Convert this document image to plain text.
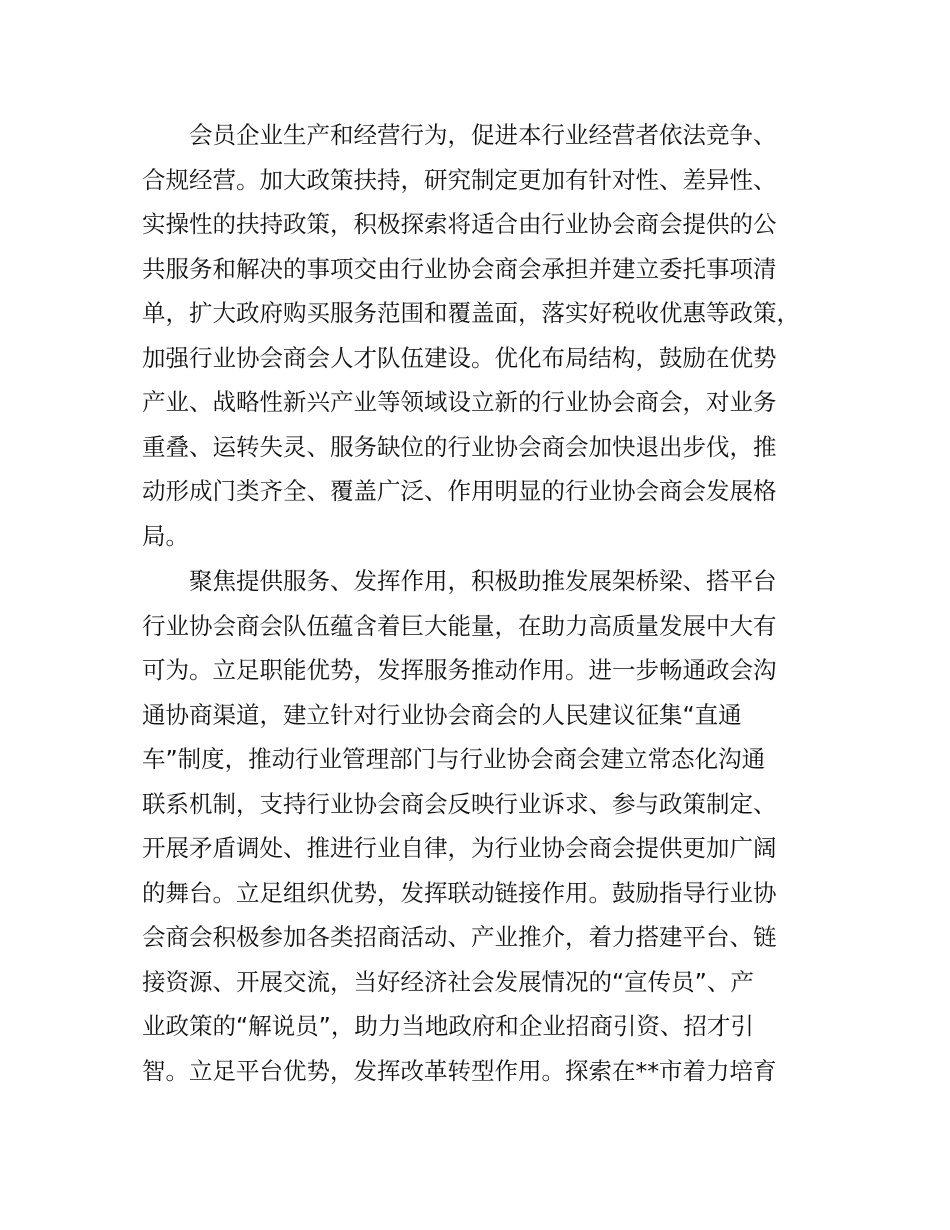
会员企业生产和经营行为，促进本行业经营者依法竞争、
合规经营。加大政策扶持，研究制定更加有针对性、差异性、
实操性的扶持政策，积极探索将适合由行业协会商会提供的公
共服务和解决的事项交由行业协会商会承担并建立委托事项清
单，扩大政府购买服务范围和覆盖面，落实好税收优惠等政策，
加强行业协会商会人才队伍建设。优化布局结构，鼓励在优势
产业、战略性新兴产业等领域设立新的行业协会商会，对业务
重叠、运转失灵、服务缺位的行业协会商会加快退出步伐，推
动形成门类齐全、覆盖广泛、作用明显的行业协会商会发展格
局。
聚焦提供服务、发挥作用，积极助推发展架桥梁、搭平台
行业协会商会队伍蕴含着巨大能量，在助力高质量发展中大有
可为。立足职能优势，发挥服务推动作用。进一步畅通政会沟
通协商渠道，建立针对行业协会商会的人民建议征集“直通
车”制度，推动行业管理部门与行业协会商会建立常态化沟通
联系机制，支持行业协会商会反映行业诉求、参与政策制定、
开展矛盾调处、推进行业自律，为行业协会商会提供更加广阔
的舞台。立足组织优势，发挥联动链接作用。鼓励指导行业协
会商会积极参加各类招商活动、产业推介，着力搭建平台、链
接资源、开展交流，当好经济社会发展情况的“宣传员”、产
业政策的“解说员”，助力当地政府和企业招商引资、招才引
智。立足平台优势，发挥改革转型作用。探索在**市着力培育
